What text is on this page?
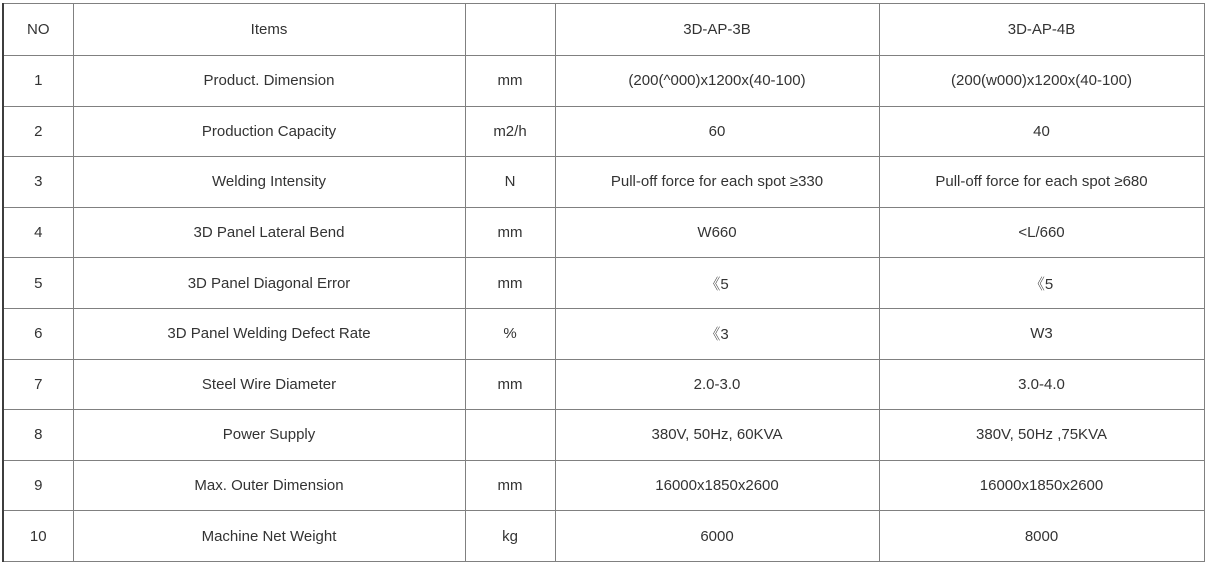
NO	Items		3D-AP-3B	3D-AP-4B
1	Product. Dimension	mm	(200(^000)x1200x(40-100)	(200(w000)x1200x(40-100)
2	Production Capacity	m2/h	60	40
3	Welding Intensity	N	Pull-off force for each spot ≥330	Pull-off force for each spot ≥680
4	3D Panel Lateral Bend	mm	W660	<L/660
5	3D Panel Diagonal Error	mm	《5	《5
6	3D Panel Welding Defect Rate	%	《3	W3
7	Steel Wire Diameter	mm	2.0-3.0	3.0-4.0
8	Power Supply		380V, 50Hz, 60KVA	380V, 50Hz ,75KVA
9	Max. Outer Dimension	mm	16000x1850x2600	16000x1850x2600
10	Machine Net Weight	kg	6000	8000
